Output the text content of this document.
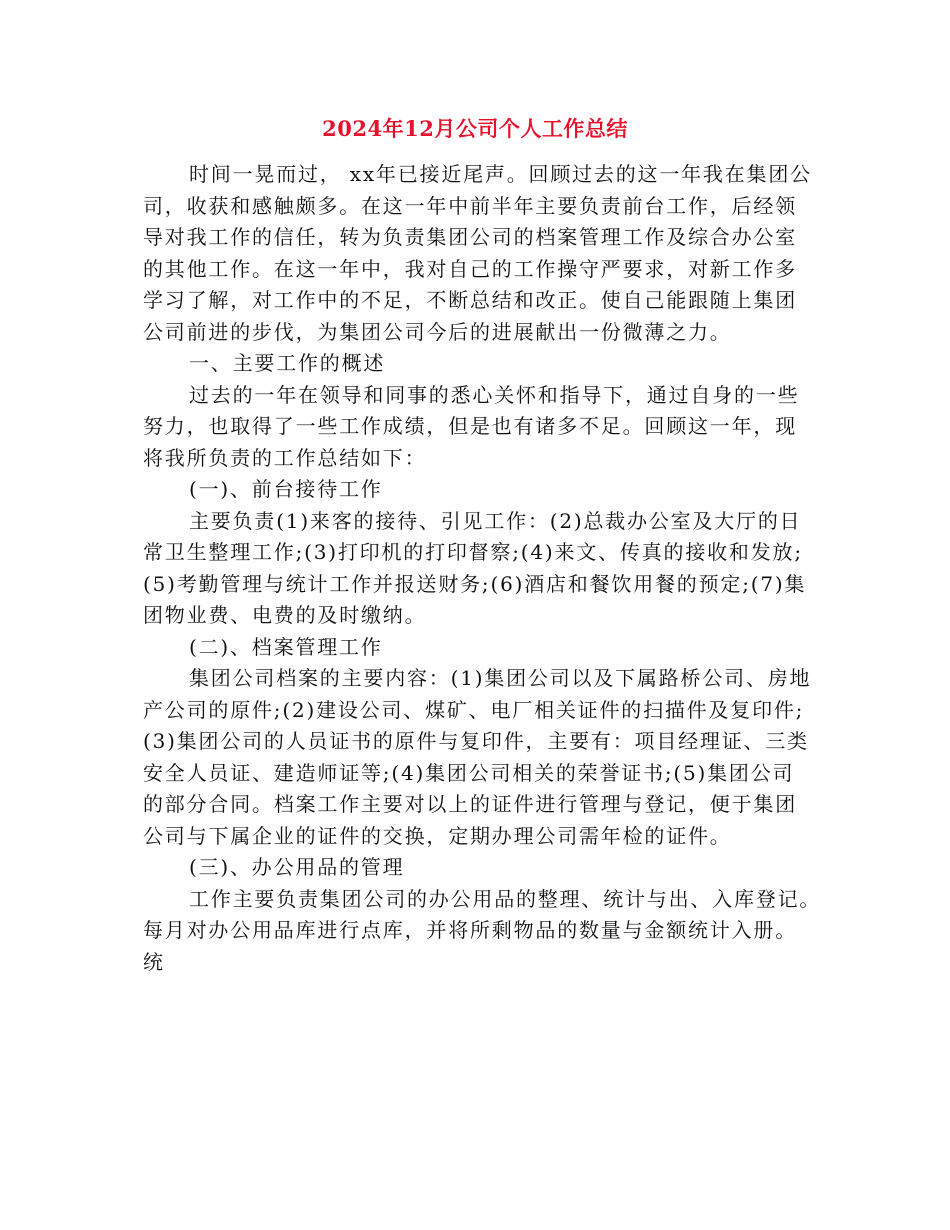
2024年12月公司个人工作总结
时间一晃而过， xx年已接近尾声。回顾过去的这一年我在集团公
司，收获和感触颇多。在这一年中前半年主要负责前台工作，后经领
导对我工作的信任，转为负责集团公司的档案管理工作及综合办公室
的其他工作。在这一年中，我对自己的工作操守严要求，对新工作多
学习了解，对工作中的不足，不断总结和改正。使自己能跟随上集团
公司前进的步伐，为集团公司今后的进展献出一份微薄之力。
一、主要工作的概述
过去的一年在领导和同事的悉心关怀和指导下，通过自身的一些
努力，也取得了一些工作成绩，但是也有诸多不足。回顾这一年，现
将我所负责的工作总结如下：
(一)、前台接待工作
主要负责(1)来客的接待、引见工作：(2)总裁办公室及大厅的日
常卫生整理工作;(3)打印机的打印督察;(4)来文、传真的接收和发放;
(5)考勤管理与统计工作并报送财务;(6)酒店和餐饮用餐的预定;(7)集
团物业费、电费的及时缴纳。
(二)、档案管理工作
集团公司档案的主要内容：(1)集团公司以及下属路桥公司、房地
产公司的原件;(2)建设公司、煤矿、电厂相关证件的扫描件及复印件;
(3)集团公司的人员证书的原件与复印件，主要有：项目经理证、三类
安全人员证、建造师证等;(4)集团公司相关的荣誉证书;(5)集团公司
的部分合同。档案工作主要对以上的证件进行管理与登记，便于集团
公司与下属企业的证件的交换，定期办理公司需年检的证件。
(三)、办公用品的管理
工作主要负责集团公司的办公用品的整理、统计与出、入库登记。
每月对办公用品库进行点库，并将所剩物品的数量与金额统计入册。
统
